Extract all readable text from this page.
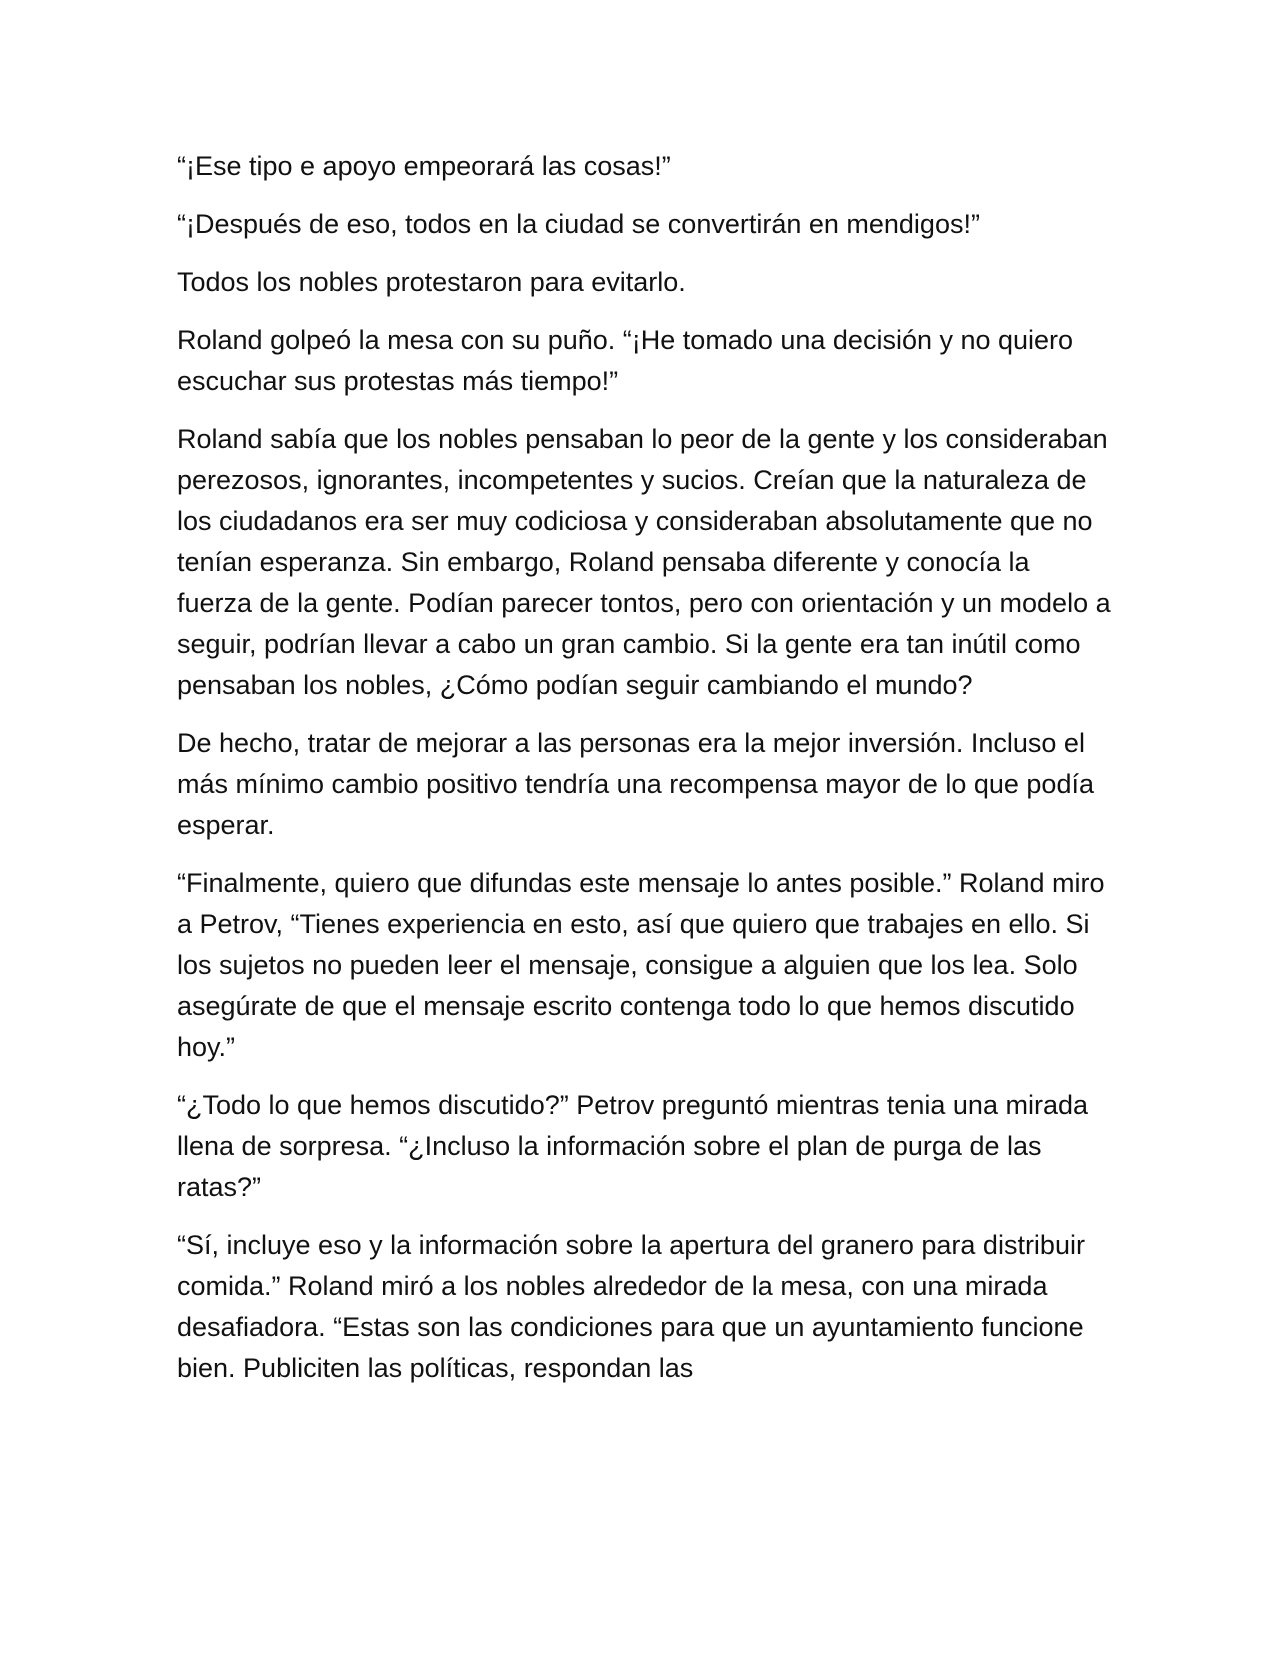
“¡Ese tipo e apoyo empeorará las cosas!”

“¡Después de eso, todos en la ciudad se convertirán en mendigos!”

Todos los nobles protestaron para evitarlo.

Roland golpeó la mesa con su puño. “¡He tomado una decisión y no quiero escuchar sus protestas más tiempo!”

Roland sabía que los nobles pensaban lo peor de la gente y los consideraban perezosos, ignorantes, incompetentes y sucios. Creían que la naturaleza de los ciudadanos era ser muy codiciosa y consideraban absolutamente que no tenían esperanza. Sin embargo, Roland pensaba diferente y conocía la fuerza de la gente. Podían parecer tontos, pero con orientación y un modelo a seguir, podrían llevar a cabo un gran cambio. Si la gente era tan inútil como pensaban los nobles, ¿Cómo podían seguir cambiando el mundo?

De hecho, tratar de mejorar a las personas era la mejor inversión. Incluso el más mínimo cambio positivo tendría una recompensa mayor de lo que podía esperar.

“Finalmente, quiero que difundas este mensaje lo antes posible.” Roland miro a Petrov, “Tienes experiencia en esto, así que quiero que trabajes en ello. Si los sujetos no pueden leer el mensaje, consigue a alguien que los lea. Solo asegúrate de que el mensaje escrito contenga todo lo que hemos discutido hoy.”

“¿Todo lo que hemos discutido?” Petrov preguntó mientras tenia una mirada llena de sorpresa. “¿Incluso la información sobre el plan de purga de las ratas?”

“Sí, incluye eso y la información sobre la apertura del granero para distribuir comida.” Roland miró a los nobles alrededor de la mesa, con una mirada desafiadora. “Estas son las condiciones para que un ayuntamiento funcione bien. Publiciten las políticas, respondan las
